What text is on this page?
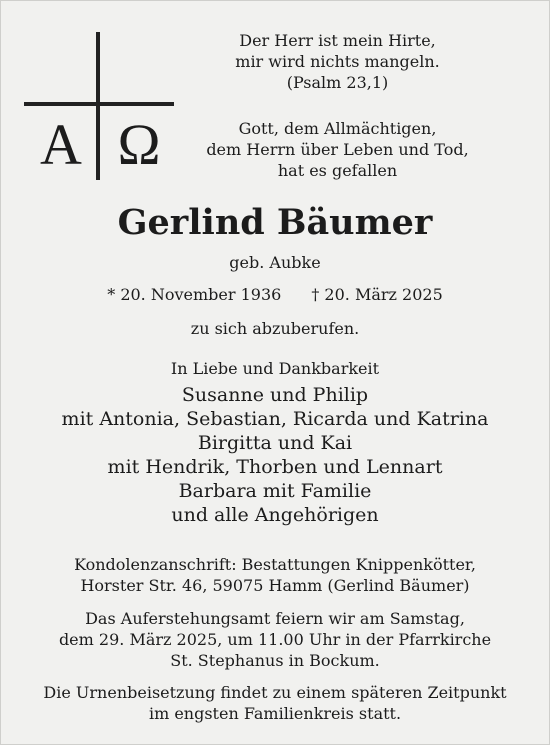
A Ω
Der Herr ist mein Hirte,
mir wird nichts mangeln.
(Psalm 23,1)
Gott, dem Allmächtigen,
dem Herrn über Leben und Tod,
hat es gefallen
Gerlind Bäumer
geb. Aubke
* 20. November 1936 † 20. März 2025
zu sich abzuberufen.
In Liebe und Dankbarkeit
Susanne und Philip
mit Antonia, Sebastian, Ricarda und Katrina
Birgitta und Kai
mit Hendrik, Thorben und Lennart
Barbara mit Familie
und alle Angehörigen
Kondolenzanschrift: Bestattungen Knippenkötter,
Horster Str. 46, 59075 Hamm (Gerlind Bäumer)
Das Auferstehungsamt feiern wir am Samstag,
dem 29. März 2025, um 11.00 Uhr in der Pfarrkirche
St. Stephanus in Bockum.
Die Urnenbeisetzung findet zu einem späteren Zeitpunkt
im engsten Familienkreis statt.
